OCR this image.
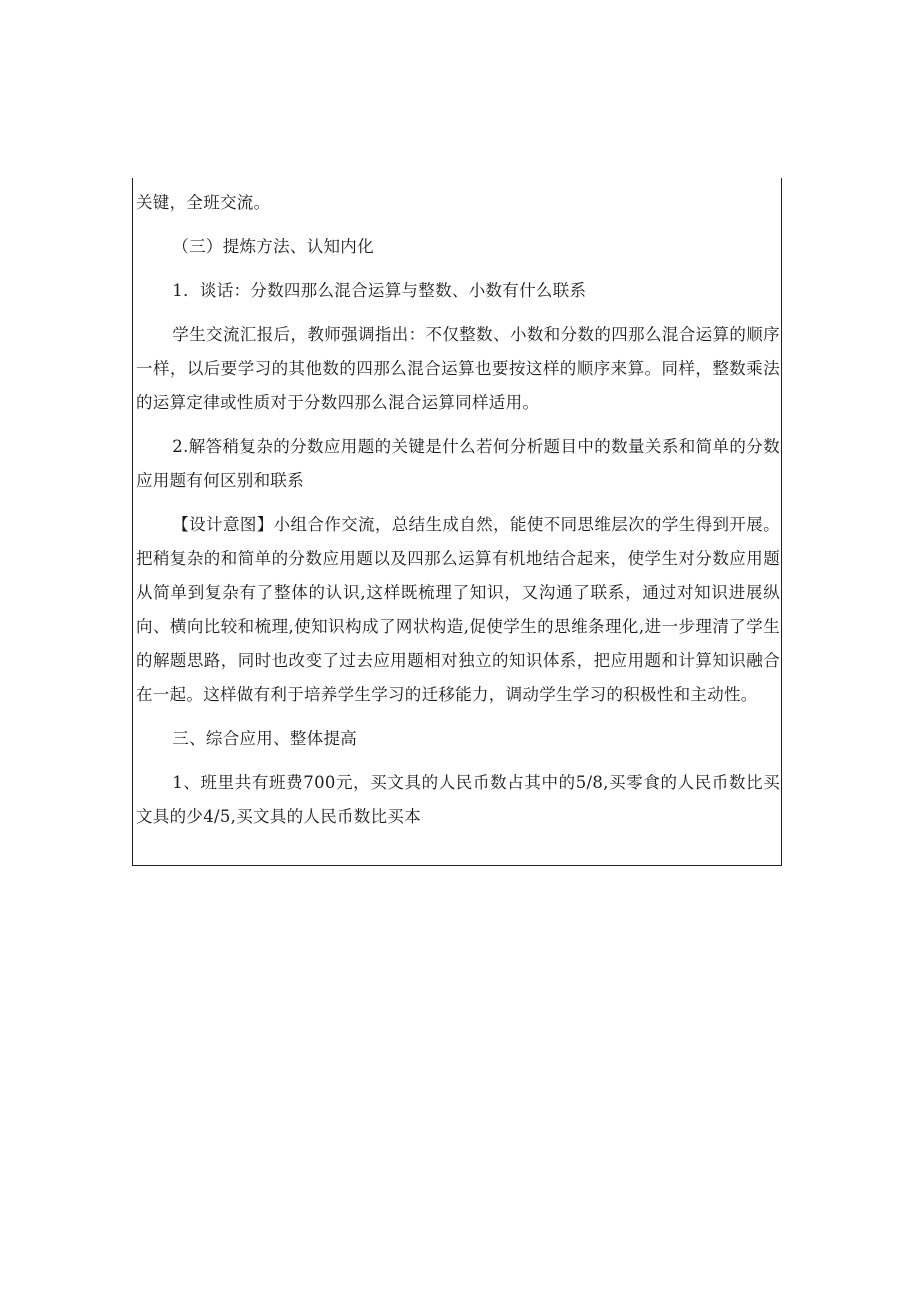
关键，全班交流。

（三）提炼方法、认知内化

1．谈话：分数四那么混合运算与整数、小数有什么联系

学生交流汇报后，教师强调指出：不仅整数、小数和分数的四那么混合运算的顺序一样，以后要学习的其他数的四那么混合运算也要按这样的顺序来算。同样，整数乘法的运算定律或性质对于分数四那么混合运算同样适用。

2.解答稍复杂的分数应用题的关键是什么若何分析题目中的数量关系和简单的分数应用题有何区别和联系

【设计意图】小组合作交流，总结生成自然，能使不同思维层次的学生得到开展。把稍复杂的和简单的分数应用题以及四那么运算有机地结合起来，使学生对分数应用题从简单到复杂有了整体的认识,这样既梳理了知识，又沟通了联系，通过对知识进展纵向、横向比较和梳理,使知识构成了网状构造,促使学生的思维条理化,进一步理清了学生的解题思路，同时也改变了过去应用题相对独立的知识体系，把应用题和计算知识融合在一起。这样做有利于培养学生学习的迁移能力，调动学生学习的积极性和主动性。

三、综合应用、整体提高

1、班里共有班费700元，买文具的人民币数占其中的5/8,买零食的人民币数比买文具的少4/5,买文具的人民币数比买本
